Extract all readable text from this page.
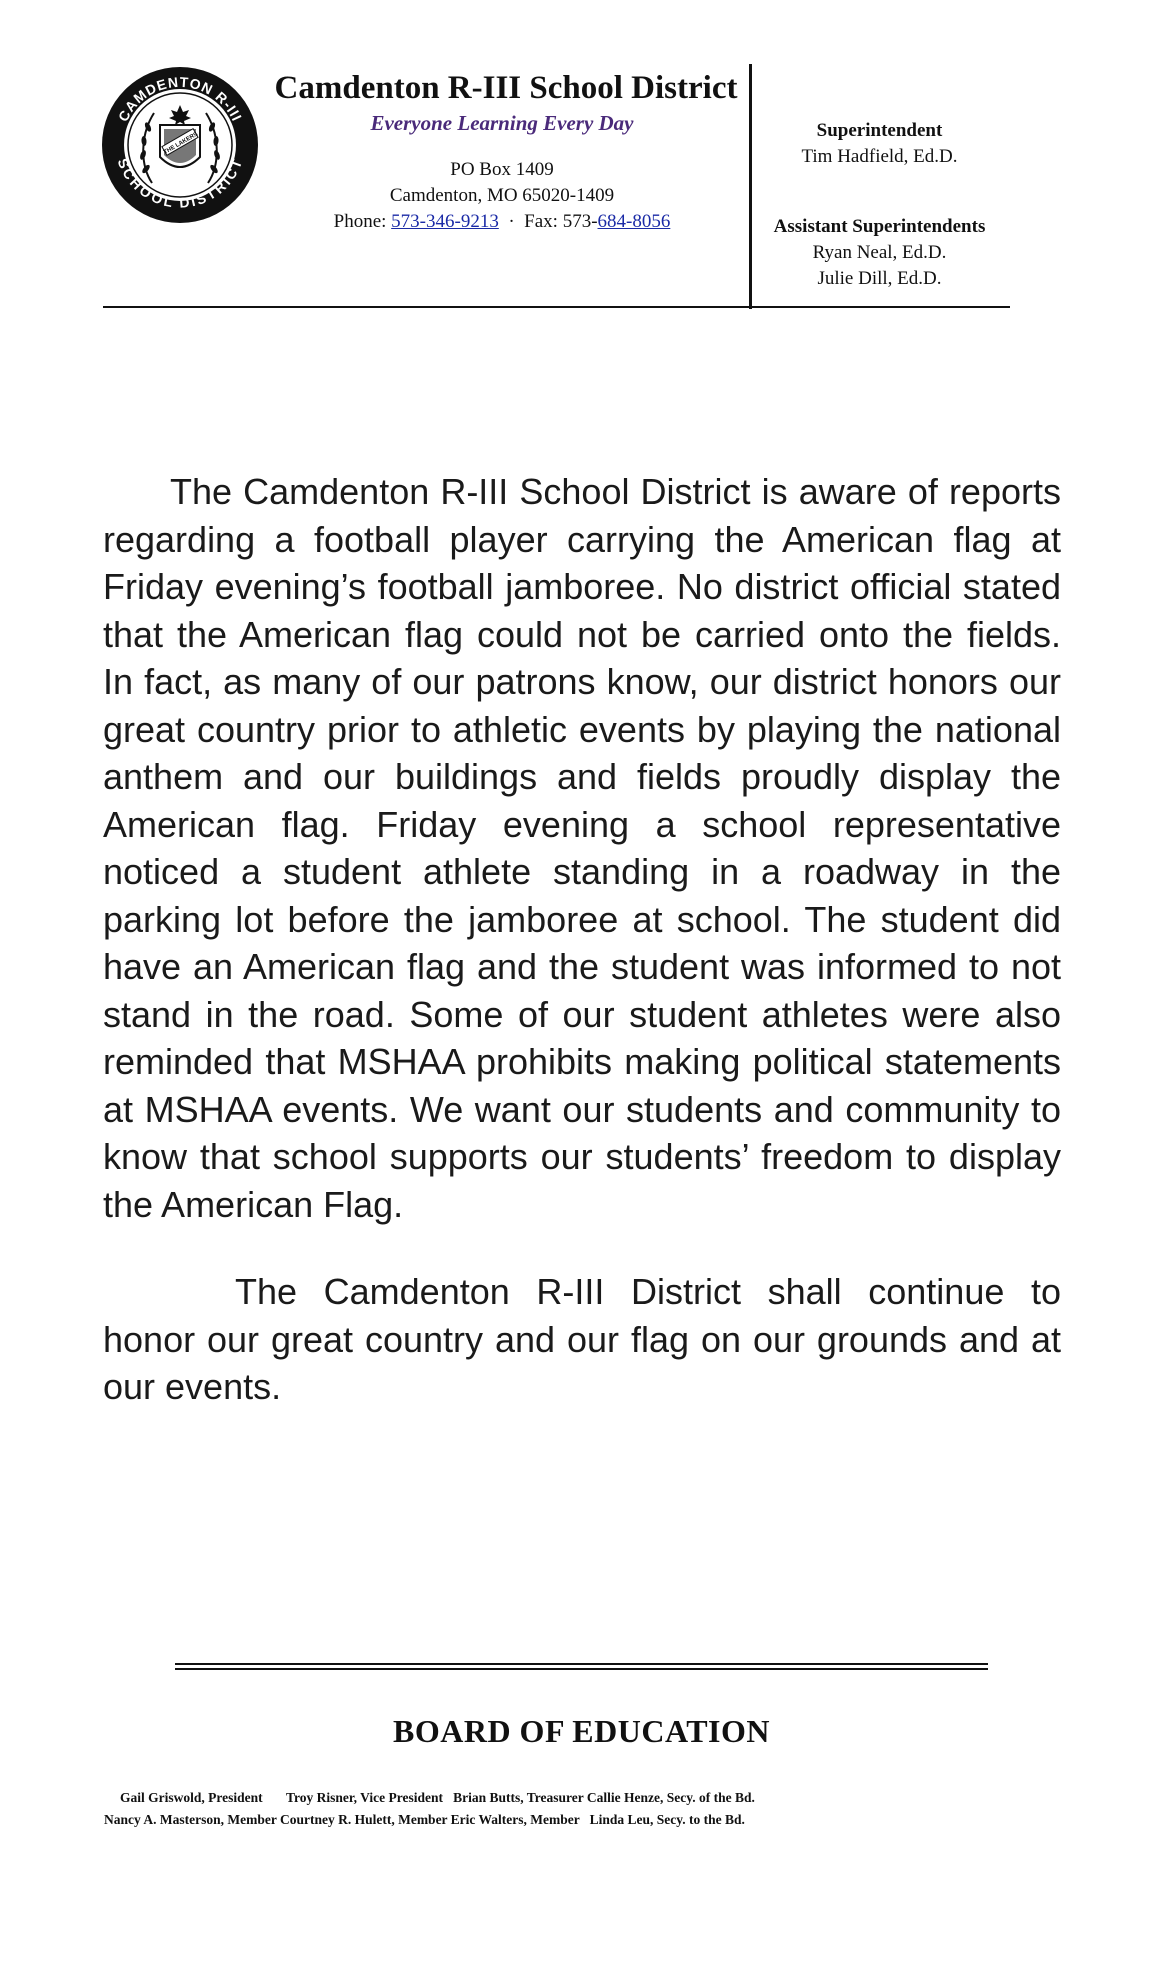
CAMDENTON R-III
SCHOOL DISTRICT
THE LAKERS
Camdenton R-III School District
Everyone Learning Every Day
PO Box 1409
Camdenton, MO 65020-1409
Phone: 573-346-9213 · Fax: 573-684-8056
Superintendent
Tim Hadfield, Ed.D.
Assistant Superintendents
Ryan Neal, Ed.D.
Julie Dill, Ed.D.

The Camdenton R-III School District is aware of reports regarding a football player carrying the American flag at Friday evening’s football jamboree. No district official stated that the American flag could not be carried onto the fields. In fact, as many of our patrons know, our district honors our great country prior to athletic events by playing the national anthem and our buildings and fields proudly display the American flag. Friday evening a school representative noticed a student athlete standing in a roadway in the parking lot before the jamboree at school. The student did have an American flag and the student was informed to not stand in the road. Some of our student athletes were also reminded that MSHAA prohibits making political statements at MSHAA events. We want our students and community to know that school supports our students’ freedom to display the American Flag.

The Camdenton R-III District shall continue to honor our great country and our flag on our grounds and at our events.

BOARD OF EDUCATION
Gail Griswold, President       Troy Risner, Vice President   Brian Butts, Treasurer Callie Henze, Secy. of the Bd.
Nancy A. Masterson, Member Courtney R. Hulett, Member Eric Walters, Member   Linda Leu, Secy. to the Bd.
